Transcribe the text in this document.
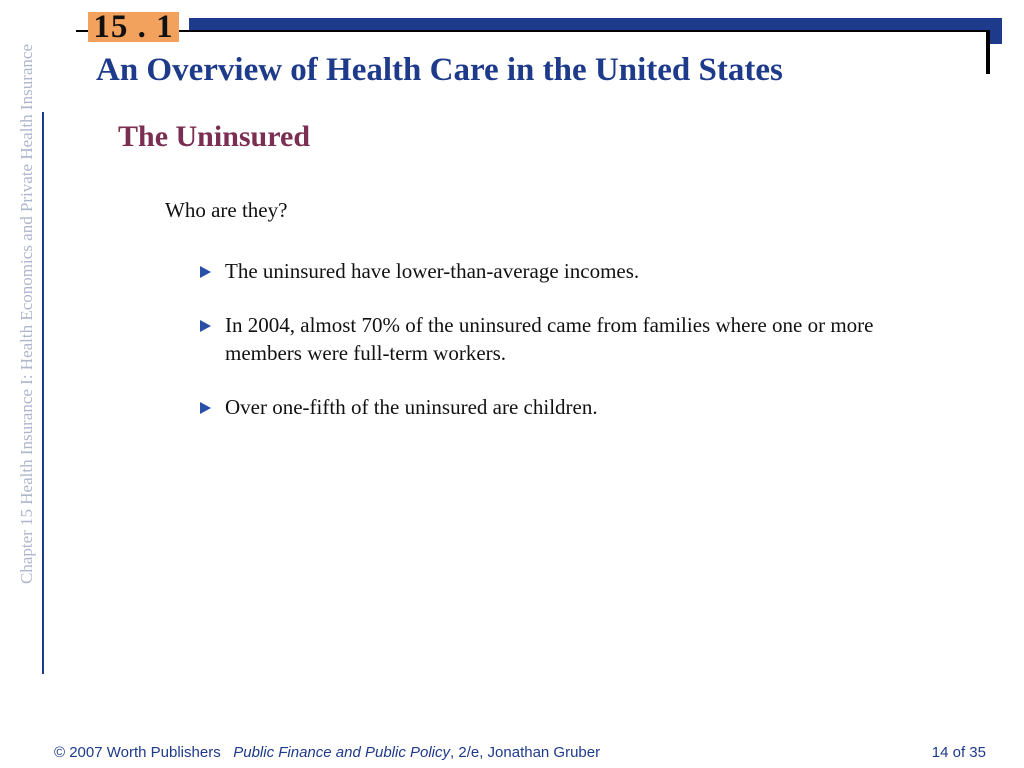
15 . 1
An Overview of Health Care in the United States
The Uninsured
Chapter 15 Health Insurance I: Health Economics and Private Health Insurance	Who are they?

The uninsured have lower-than-average incomes.
In 2004, almost 70% of the uninsured came from families where one or more members were full-term workers.
Over one-fifth of the uninsured are children.
© 2007 Worth Publishers Public Finance and Public Policy, 2/e, Jonathan Gruber	14 of 35
